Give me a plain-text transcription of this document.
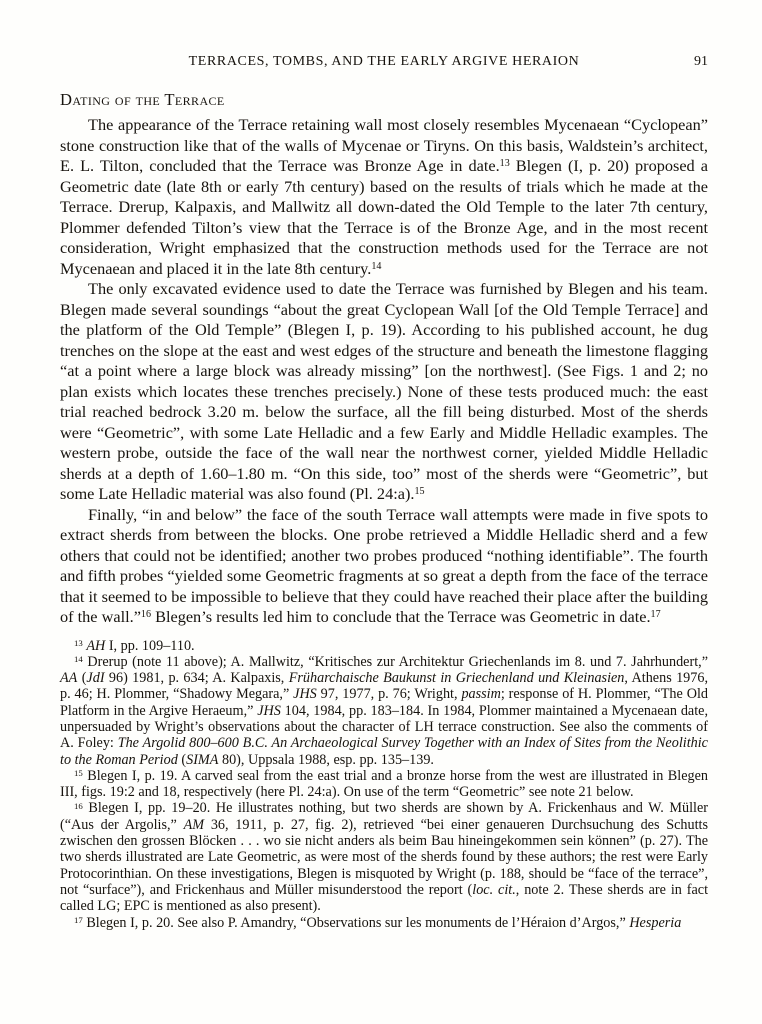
TERRACES, TOMBS, AND THE EARLY ARGIVE HERAION	91
Dating of the Terrace

The appearance of the Terrace retaining wall most closely resembles Mycenaean “Cyclopean” stone construction like that of the walls of Mycenae or Tiryns. On this basis, Waldstein’s architect, E. L. Tilton, concluded that the Terrace was Bronze Age in date.$^{13}$ Blegen (I, p. 20) proposed a Geometric date (late 8th or early 7th century) based on the results of trials which he made at the Terrace. Drerup, Kalpaxis, and Mallwitz all down-dated the Old Temple to the later 7th century, Plommer defended Tilton’s view that the Terrace is of the Bronze Age, and in the most recent consideration, Wright emphasized that the construction methods used for the Terrace are not Mycenaean and placed it in the late 8th century.$^{14}$

The only excavated evidence used to date the Terrace was furnished by Blegen and his team. Blegen made several soundings “about the great Cyclopean Wall [of the Old Temple Terrace] and the platform of the Old Temple” (Blegen I, p. 19). According to his published account, he dug trenches on the slope at the east and west edges of the structure and beneath the limestone flagging “at a point where a large block was already missing” [on the northwest]. (See Figs. 1 and 2; no plan exists which locates these trenches precisely.) None of these tests produced much: the east trial reached bedrock 3.20 m. below the surface, all the fill being disturbed. Most of the sherds were “Geometric”, with some Late Helladic and a few Early and Middle Helladic examples. The western probe, outside the face of the wall near the northwest corner, yielded Middle Helladic sherds at a depth of 1.60–1.80 m. “On this side, too” most of the sherds were “Geometric”, but some Late Helladic material was also found (Pl. 24:a).$^{15}$

Finally, “in and below” the face of the south Terrace wall attempts were made in five spots to extract sherds from between the blocks. One probe retrieved a Middle Helladic sherd and a few others that could not be identified; another two probes produced “nothing identifiable”. The fourth and fifth probes “yielded some Geometric fragments at so great a depth from the face of the terrace that it seemed to be impossible to believe that they could have reached their place after the building of the wall.”$^{16}$ Blegen’s results led him to conclude that the Terrace was Geometric in date.$^{17}$

$^{13}$ AH I, pp. 109–110.

$^{14}$ Drerup (note 11 above); A. Mallwitz, “Kritisches zur Architektur Griechenlands im 8. und 7. Jahrhundert,” AA (JdI 96) 1981, p. 634; A. Kalpaxis, Früharchaische Baukunst in Griechenland und Kleinasien, Athens 1976, p. 46; H. Plommer, “Shadowy Megara,” JHS 97, 1977, p. 76; Wright, passim; response of H. Plommer, “The Old Platform in the Argive Heraeum,” JHS 104, 1984, pp. 183–184. In 1984, Plommer maintained a Mycenaean date, unpersuaded by Wright’s observations about the character of LH terrace construction. See also the comments of A. Foley: The Argolid 800–600 B.C. An Archaeological Survey Together with an Index of Sites from the Neolithic to the Roman Period (SIMA 80), Uppsala 1988, esp. pp. 135–139.

$^{15}$ Blegen I, p. 19. A carved seal from the east trial and a bronze horse from the west are illustrated in Blegen III, figs. 19:2 and 18, respectively (here Pl. 24:a). On use of the term “Geometric” see note 21 below.

$^{16}$ Blegen I, pp. 19–20. He illustrates nothing, but two sherds are shown by A. Frickenhaus and W. Müller (“Aus der Argolis,” AM 36, 1911, p. 27, fig. 2), retrieved “bei einer genaueren Durchsuchung des Schutts zwischen den grossen Blöcken . . . wo sie nicht anders als beim Bau hineingekommen sein können” (p. 27). The two sherds illustrated are Late Geometric, as were most of the sherds found by these authors; the rest were Early Protocorinthian. On these investigations, Blegen is misquoted by Wright (p. 188, should be “face of the terrace”, not “surface”), and Frickenhaus and Müller misunderstood the report (loc. cit., note 2. These sherds are in fact called LG; EPC is mentioned as also present).

$^{17}$ Blegen I, p. 20. See also P. Amandry, “Observations sur les monuments de l’Héraion d’Argos,” Hesperia
